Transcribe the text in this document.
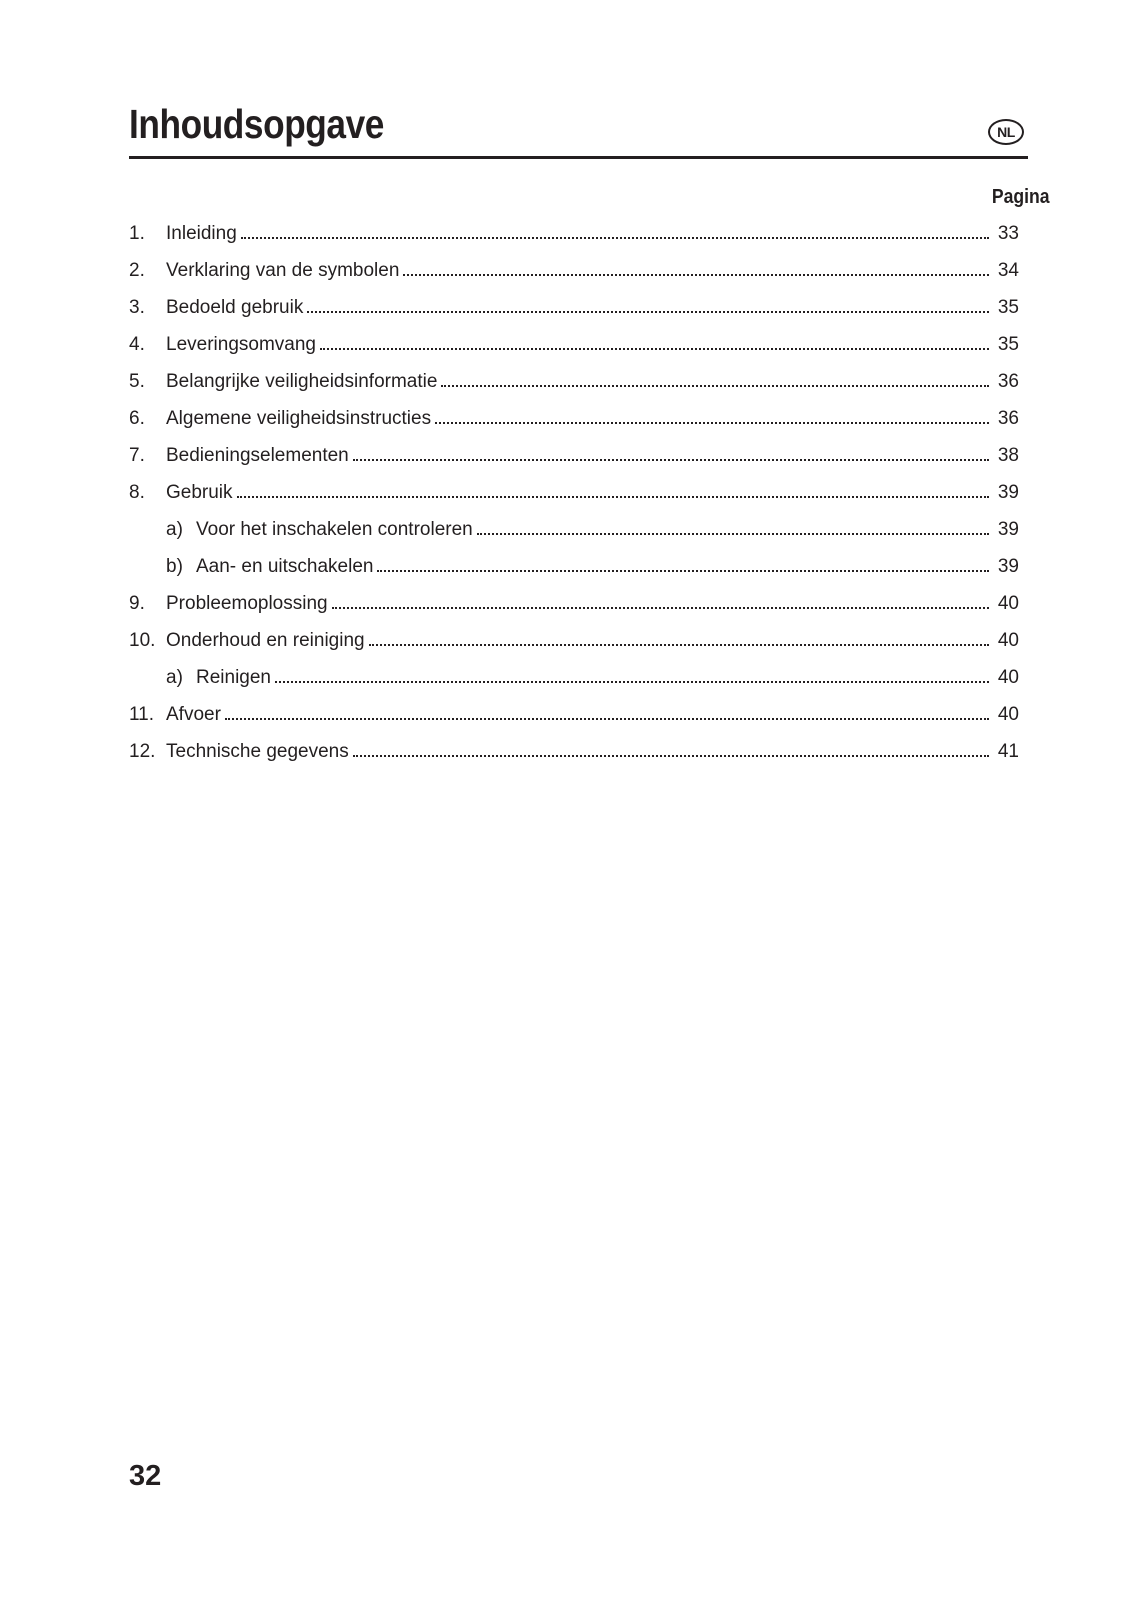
Inhoudsopgave	NL
Pagina
1.	Inleiding	33
2.	Verklaring van de symbolen	34
3.	Bedoeld gebruik	35
4.	Leveringsomvang	35
5.	Belangrijke veiligheidsinformatie	36
6.	Algemene veiligheidsinstructies	36
7.	Bedieningselementen	38
8.	Gebruik	39
a) Voor het inschakelen controleren	39
b) Aan- en uitschakelen	39
9.	Probleemoplossing	40
10. Onderhoud en reiniging	40
a) Reinigen	40
11. Afvoer	40
12. Technische gegevens	41
32
